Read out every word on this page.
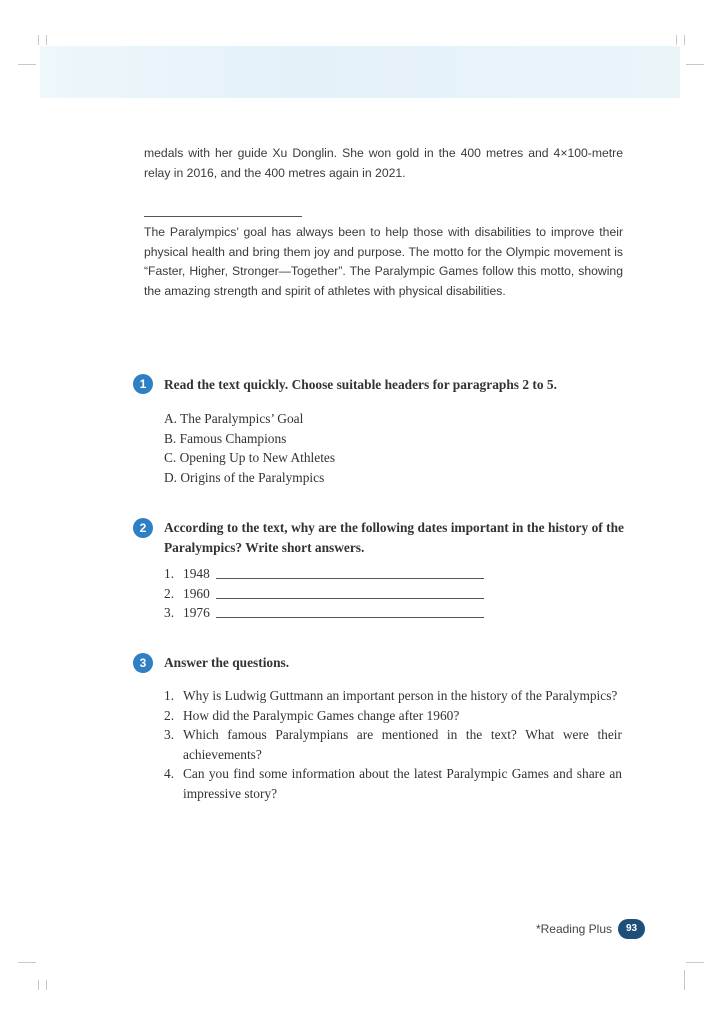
medals with her guide Xu Donglin. She won gold in the 400 metres and 4×100-metre relay in 2016, and the 400 metres again in 2021.

The Paralympics’ goal has always been to help those with disabilities to improve their physical health and bring them joy and purpose. The motto for the Olympic movement is “Faster, Higher, Stronger—Together”. The Paralympic Games follow this motto, showing the amazing strength and spirit of athletes with physical disabilities.

1	Read the text quickly. Choose suitable headers for paragraphs 2 to 5.
A. The Paralympics’ Goal
B. Famous Champions
C. Opening Up to New Athletes
D. Origins of the Paralympics
2	According to the text, why are the following dates important in the history of the Paralympics? Write short answers.
1. 1948
2. 1960
3. 1976
3	Answer the questions.
1. Why is Ludwig Guttmann an important person in the history of the Paralympics?
2. How did the Paralympic Games change after 1960?
3. Which famous Paralympians are mentioned in the text? What were their achievements?
4. Can you find some information about the latest Paralympic Games and share an impressive story?
*Reading Plus	93
